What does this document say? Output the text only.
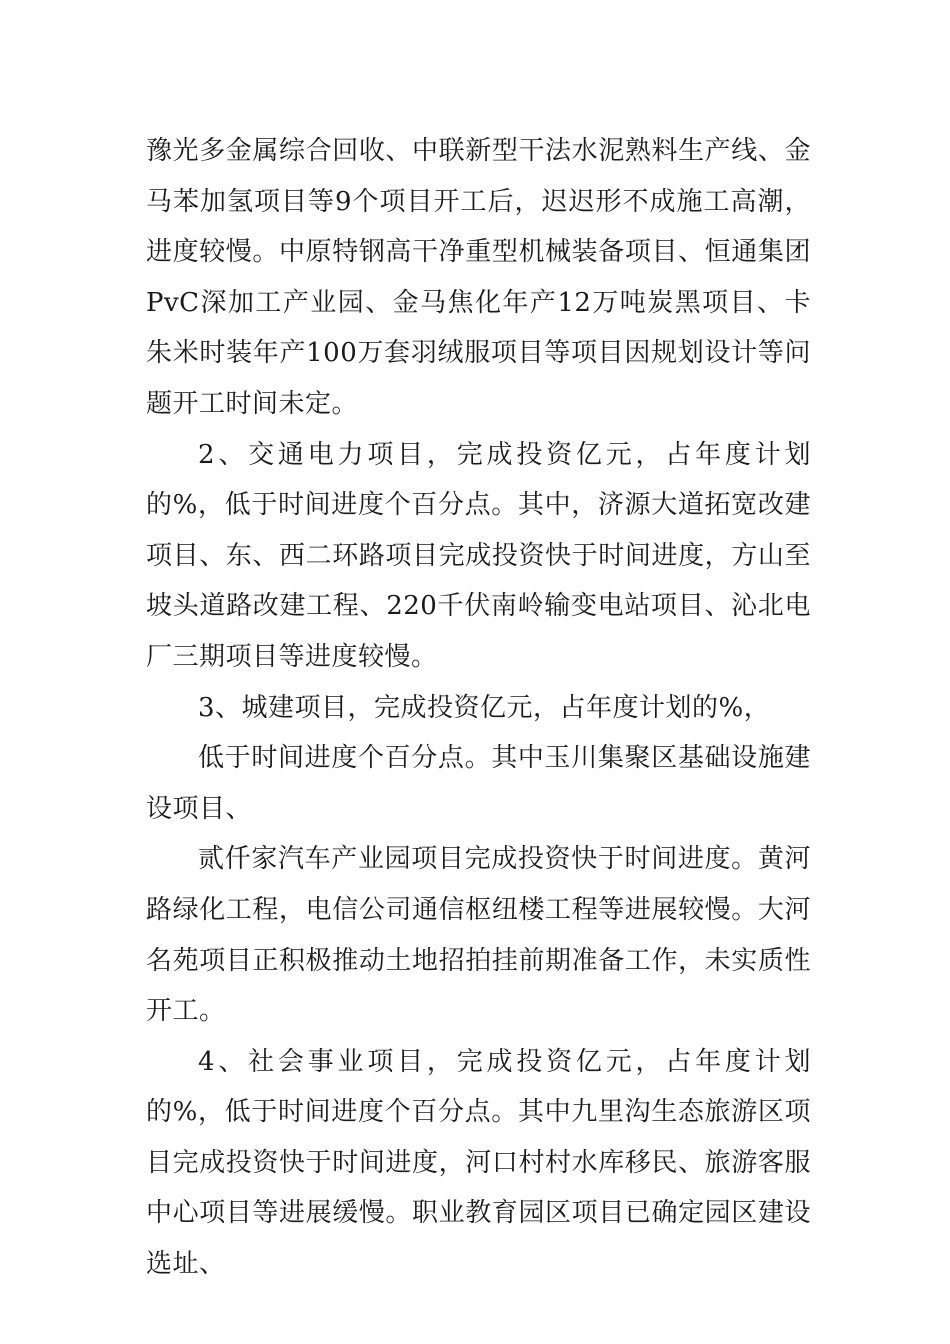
豫光多金属综合回收、中联新型干法水泥熟料生产线、金马苯加氢项目等9个项目开工后，迟迟形不成施工高潮，进度较慢。中原特钢高干净重型机械装备项目、恒通集团PvC深加工产业园、金马焦化年产12万吨炭黑项目、卡朱米时装年产100万套羽绒服项目等项目因规划设计等问题开工时间未定。

2、交通电力项目，完成投资亿元，占年度计划的%，低于时间进度个百分点。其中，济源大道拓宽改建项目、东、西二环路项目完成投资快于时间进度，方山至坡头道路改建工程、220千伏南岭输变电站项目、沁北电厂三期项目等进度较慢。

3、城建项目，完成投资亿元，占年度计划的%，

低于时间进度个百分点。其中玉川集聚区基础设施建设项目、

贰仟家汽车产业园项目完成投资快于时间进度。黄河路绿化工程，电信公司通信枢纽楼工程等进展较慢。大河名苑项目正积极推动土地招拍挂前期准备工作，未实质性开工。

4、社会事业项目，完成投资亿元，占年度计划的%，低于时间进度个百分点。其中九里沟生态旅游区项目完成投资快于时间进度，河口村村水库移民、旅游客服中心项目等进展缓慢。职业教育园区项目已确定园区建设选址、
